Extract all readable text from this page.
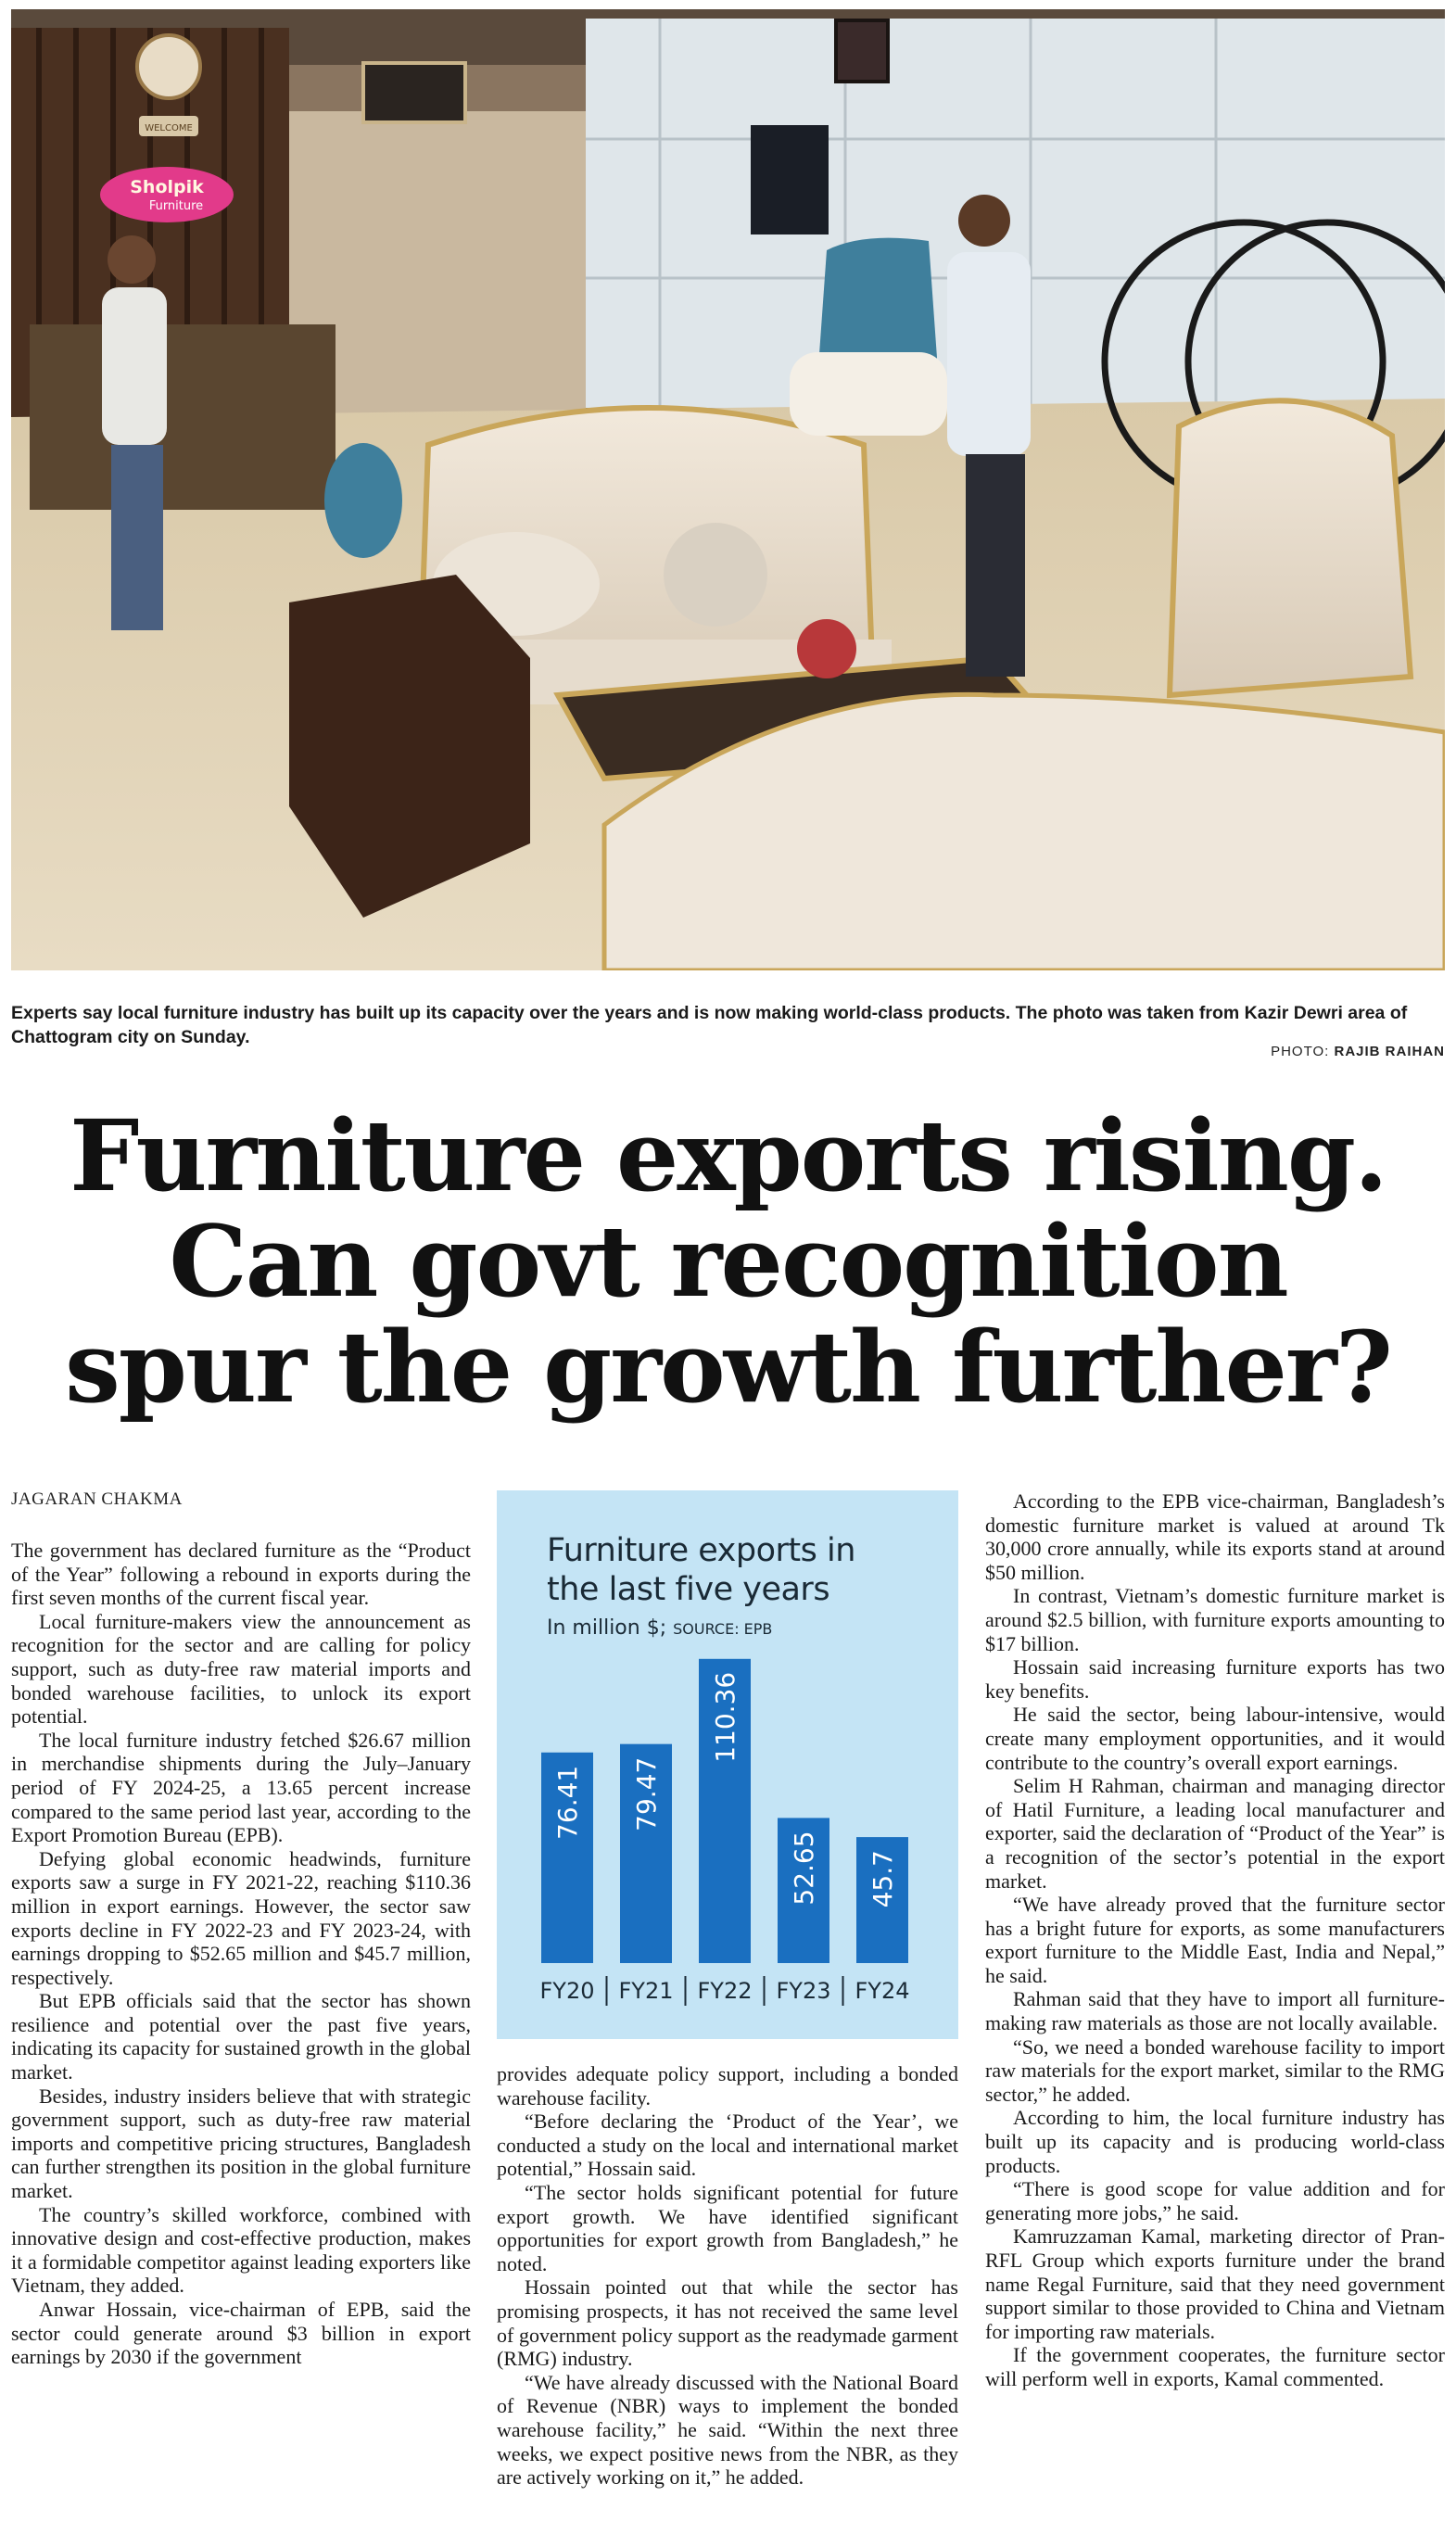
WELCOME
Sholpik
Furniture
Experts say local furniture industry has built up its capacity over the years and is now making world-class products. The photo was taken from Kazir Dewri area of Chattogram city on Sunday.
PHOTO: RAJIB RAIHAN
Furniture exports rising.
Can govt recognition
spur the growth further?
JAGARAN CHAKMA

The government has declared furniture as the “Product of the Year” following a rebound in exports during the first seven months of the current fiscal year.

Local furniture-makers view the announcement as recognition for the sector and are calling for policy support, such as duty-free raw material imports and bonded warehouse facilities, to unlock its export potential.

The local furniture industry fetched $26.67 million in merchandise shipments during the July–January period of FY 2024-25, a 13.65 percent increase compared to the same period last year, according to the Export Promotion Bureau (EPB).

Defying global economic headwinds, furniture exports saw a surge in FY 2021-22, reaching $110.36 million in export earnings. However, the sector saw exports decline in FY 2022-23 and FY 2023-24, with earnings dropping to $52.65 million and $45.7 million, respectively.

But EPB officials said that the sector has shown resilience and potential over the past five years, indicating its capacity for sustained growth in the global market.

Besides, industry insiders believe that with strategic government support, such as duty-free raw material imports and competitive pricing structures, Bangladesh can further strengthen its position in the global furniture market.

The country’s skilled workforce, combined with innovative design and cost-effective production, makes it a formidable competitor against leading exporters like Vietnam, they added.

Anwar Hossain, vice-chairman of EPB, said the sector could generate around $3 billion in export earnings by 2030 if the government

Furniture exports in
the last five years
In million $; SOURCE: EPB
76.41
FY20
79.47
FY21
110.36
FY22
52.65
FY23
45.7
FY24

provides adequate policy support, including a bonded warehouse facility.

“Before declaring the ‘Product of the Year’, we conducted a study on the local and international market potential,” Hossain said.

“The sector holds significant potential for future export growth. We have identified significant opportunities for export growth from Bangladesh,” he noted.

Hossain pointed out that while the sector has promising prospects, it has not received the same level of government policy support as the readymade garment (RMG) industry.

“We have already discussed with the National Board of Revenue (NBR) ways to implement the bonded warehouse facility,” he said. “Within the next three weeks, we expect positive news from the NBR, as they are actively working on it,” he added.

According to the EPB vice-chairman, Bangladesh’s domestic furniture market is valued at around Tk 30,000 crore annually, while its exports stand at around $50 million.

In contrast, Vietnam’s domestic furniture market is around $2.5 billion, with furniture exports amounting to $17 billion.

Hossain said increasing furniture exports has two key benefits.

He said the sector, being labour-intensive, would create many employment opportunities, and it would contribute to the country’s overall export earnings.

Selim H Rahman, chairman and managing director of Hatil Furniture, a leading local manufacturer and exporter, said the declaration of “Product of the Year” is a recognition of the sector’s potential in the export market.

“We have already proved that the furniture sector has a bright future for exports, as some manufacturers export furniture to the Middle East, India and Nepal,” he said.

Rahman said that they have to import all furniture-making raw materials as those are not locally available.

“So, we need a bonded warehouse facility to import raw materials for the export market, similar to the RMG sector,” he added.

According to him, the local furniture industry has built up its capacity and is producing world-class products.

“There is good scope for value addition and for generating more jobs,” he said.

Kamruzzaman Kamal, marketing director of Pran-RFL Group which exports furniture under the brand name Regal Furniture, said that they need government support similar to those provided to China and Vietnam for importing raw materials.

If the government cooperates, the furniture sector will perform well in exports, Kamal commented.
